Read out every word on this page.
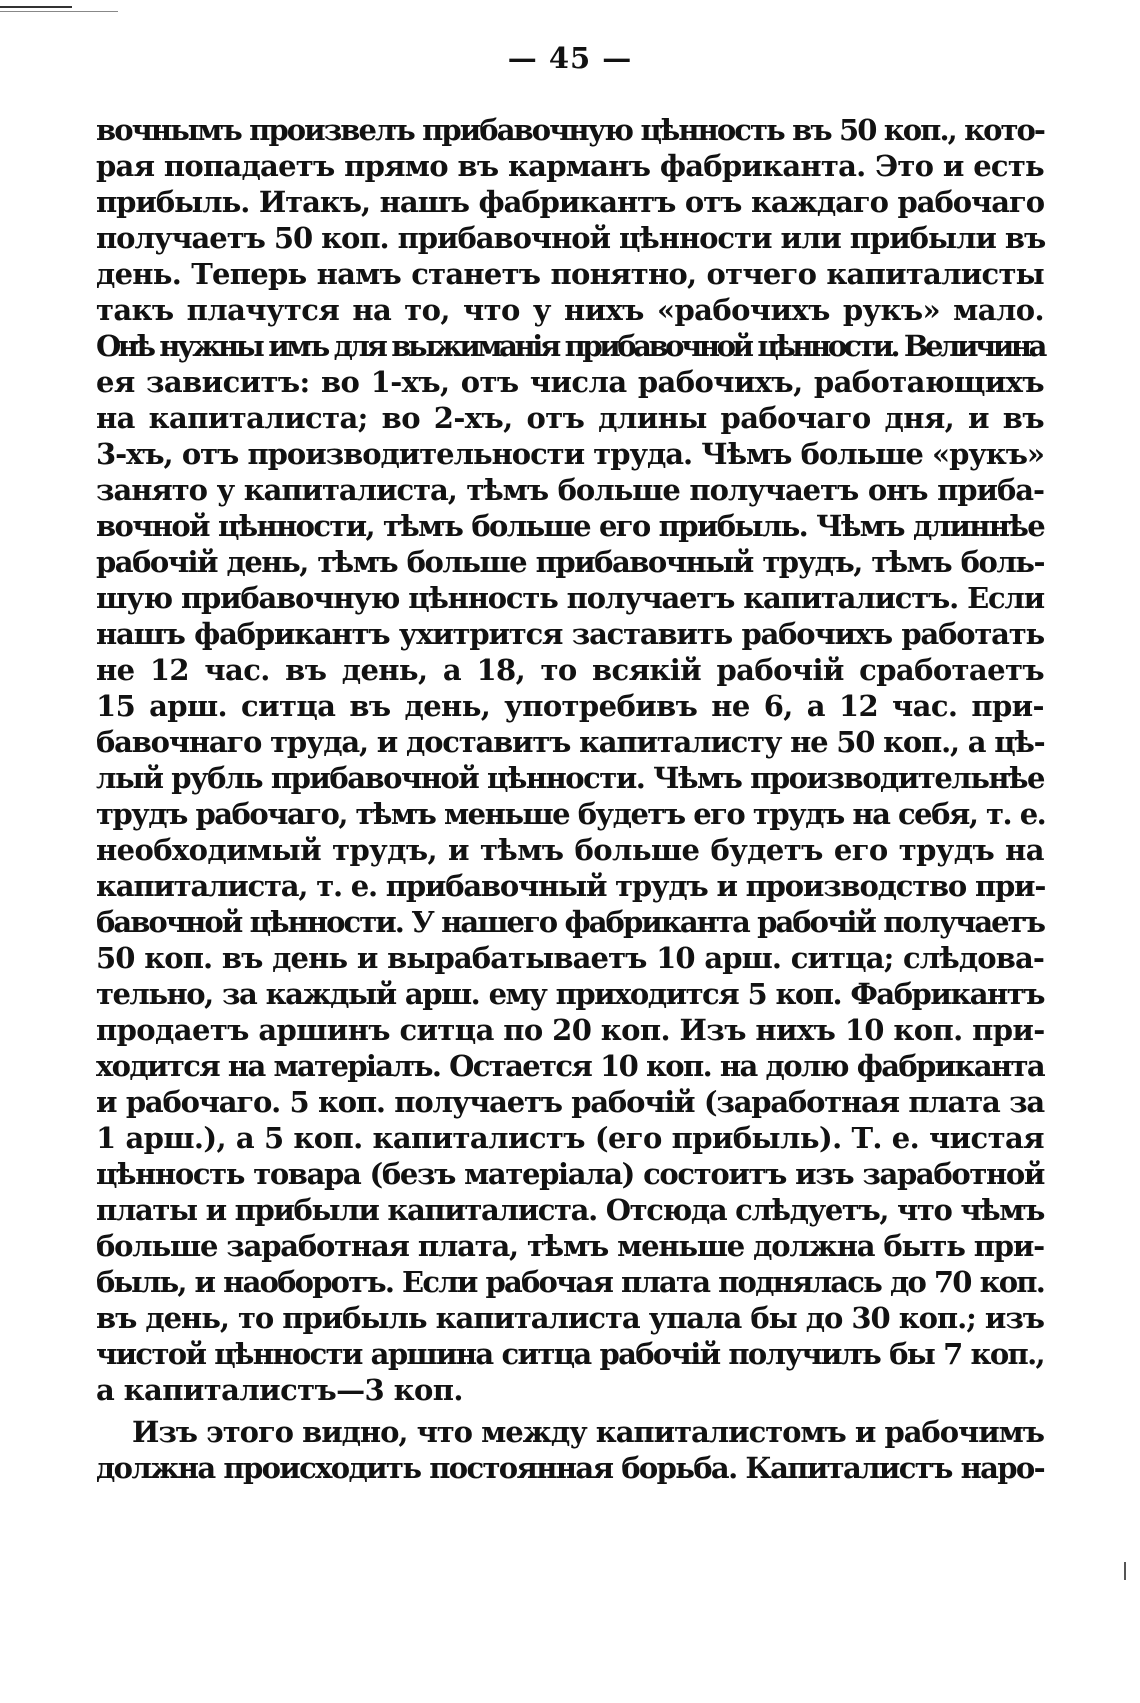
— 45 —
вочнымъ произвелъ прибавочную цѣнность въ 50 коп., кото-
рая попадаетъ прямо въ карманъ фабриканта. Это и есть
прибыль. Итакъ, нашъ фабрикантъ отъ каждаго рабочаго
получаетъ 50 коп. прибавочной цѣнности или прибыли въ
день. Теперь намъ станетъ понятно, отчего капиталисты
такъ плачутся на то, что у нихъ «рабочихъ рукъ» мало.
Онѣ нужны имъ для выжиманія прибавочной цѣнности. Величина
ея зависитъ: во 1-хъ, отъ числа рабочихъ, работающихъ
на капиталиста; во 2-хъ, отъ длины рабочаго дня, и въ
3-хъ, отъ производительности труда. Чѣмъ больше «рукъ»
занято у капиталиста, тѣмъ больше получаетъ онъ приба-
вочной цѣнности, тѣмъ больше его прибыль. Чѣмъ длиннѣе
рабочій день, тѣмъ больше прибавочный трудъ, тѣмъ боль-
шую прибавочную цѣнность получаетъ капиталистъ. Если
нашъ фабрикантъ ухитрится заставить рабочихъ работать
не 12 час. въ день, а 18, то всякій рабочій сработаетъ
15 арш. ситца въ день, употребивъ не 6, а 12 час. при-
бавочнаго труда, и доставитъ капиталисту не 50 коп., а цѣ-
лый рубль прибавочной цѣнности. Чѣмъ производительнѣе
трудъ рабочаго, тѣмъ меньше будетъ его трудъ на себя, т. е.
необходимый трудъ, и тѣмъ больше будетъ его трудъ на
капиталиста, т. е. прибавочный трудъ и производство при-
бавочной цѣнности. У нашего фабриканта рабочій получаетъ
50 коп. въ день и вырабатываетъ 10 арш. ситца; слѣдова-
тельно, за каждый арш. ему приходится 5 коп. Фабрикантъ
продаетъ аршинъ ситца по 20 коп. Изъ нихъ 10 коп. при-
ходится на матеріалъ. Остается 10 коп. на долю фабриканта
и рабочаго. 5 коп. получаетъ рабочій (заработная плата за
1 арш.), а 5 коп. капиталистъ (его прибыль). Т. е. чистая
цѣнность товара (безъ матеріала) состоитъ изъ заработной
платы и прибыли капиталиста. Отсюда слѣдуетъ, что чѣмъ
больше заработная плата, тѣмъ меньше должна быть при-
быль, и наоборотъ. Если рабочая плата поднялась до 70 коп.
въ день, то прибыль капиталиста упала бы до 30 коп.; изъ
чистой цѣнности аршина ситца рабочій получилъ бы 7 коп.,
а капиталистъ—3 коп.
Изъ этого видно, что между капиталистомъ и рабочимъ
должна происходить постоянная борьба. Капиталистъ наро-
